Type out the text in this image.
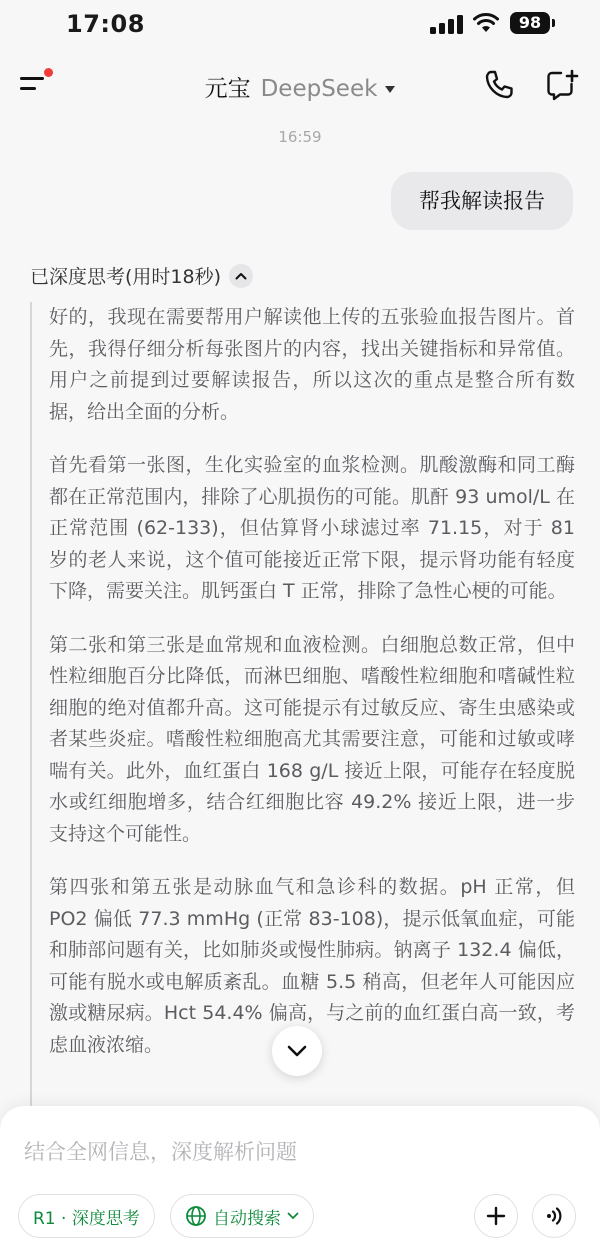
17:08	98
元宝 DeepSeek
16:59
帮我解读报告
已深度思考(用时18秒)

好的，我现在需要帮用户解读他上传的五张验血报告图片。首先，我得仔细分析每张图片的内容，找出关键指标和异常值。用户之前提到过要解读报告，所以这次的重点是整合所有数据，给出全面的分析。

首先看第一张图，生化实验室的血浆检测。肌酸激酶和同工酶都在正常范围内，排除了心肌损伤的可能。肌酐 93 umol/L 在正常范围 (62-133)，但估算肾小球滤过率 71.15，对于 81 岁的老人来说，这个值可能接近正常下限，提示肾功能有轻度下降，需要关注。肌钙蛋白 T 正常，排除了急性心梗的可能。

第二张和第三张是血常规和血液检测。白细胞总数正常，但中性粒细胞百分比降低，而淋巴细胞、嗜酸性粒细胞和嗜碱性粒细胞的绝对值都升高。这可能提示有过敏反应、寄生虫感染或者某些炎症。嗜酸性粒细胞高尤其需要注意，可能和过敏或哮喘有关。此外，血红蛋白 168 g/L 接近上限，可能存在轻度脱水或红细胞增多，结合红细胞比容 49.2% 接近上限，进一步支持这个可能性。

第四张和第五张是动脉血气和急诊科的数据。pH 正常，但 PO2 偏低 77.3 mmHg (正常 83-108)，提示低氧血症，可能和肺部问题有关，比如肺炎或慢性肺病。钠离子 132.4 偏低，可能有脱水或电解质紊乱。血糖 5.5 稍高，但老年人可能因应激或糖尿病。Hct 54.4% 偏高，与之前的血红蛋白高一致，考虑血液浓缩。

结合全网信息，深度解析问题
R1 · 深度思考	自动搜索
